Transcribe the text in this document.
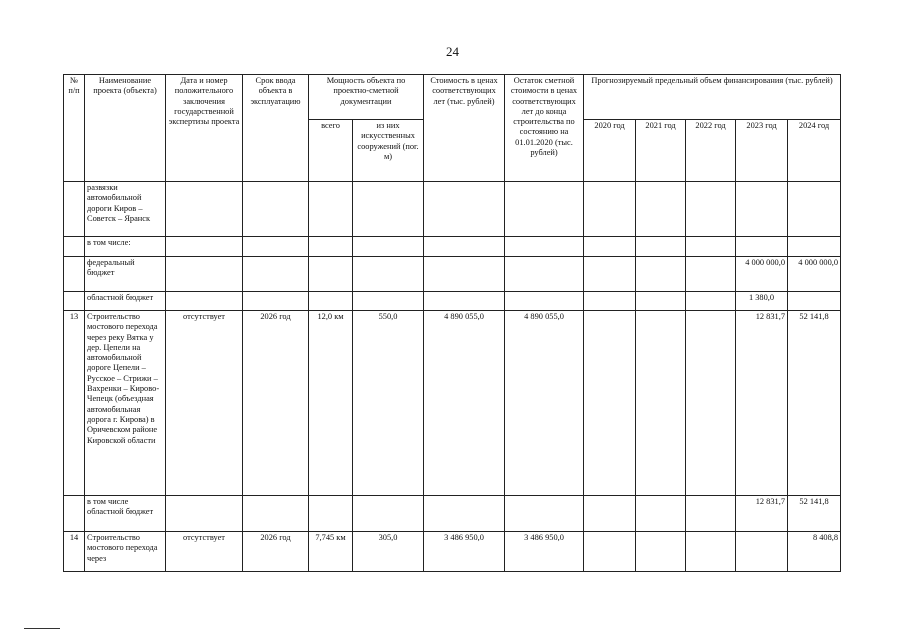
24
№ п/п	Наименование проекта (объекта)	Дата и номер положительного заключения государственной экспертизы проекта	Срок ввода объекта в эксплуатацию	Мощность объекта по проектно-сметной документации		Стоимость в ценах соответствующих лет (тыс. рублей)	Остаток сметной стоимости в ценах соответствующих лет до конца строительства по состоянию на 01.01.2020 (тыс. рублей)	Прогнозируемый предельный объем финансирования (тыс. рублей)				
				всего	из них искусственных сооружений (пог. м)			2020 год	2021 год	2022 год	2023 год	2024 год
	развязки автомобильной дороги Киров – Советск – Яранск											
	в том числе:											
	федеральный бюджет										4 000 000,0	4 000 000,0
	областной бюджет										1 380,0	
13	Строительство мостового перехода через реку Вятка у дер. Цепели на автомобильной дороге Цепели – Русское – Стрижи – Вахренки – Кирово-Чепецк (объездная автомобильная дорога г. Кирова) в Оричевском районе Кировской области	отсутствует	2026 год	12,0 км	550,0	4 890 055,0	4 890 055,0				12 831,7	52 141,8
	в том числе областной бюджет										12 831,7	52 141,8
14	Строительство мостового перехода через	отсутствует	2026 год	7,745 км	305,0	3 486 950,0	3 486 950,0					8 408,8
